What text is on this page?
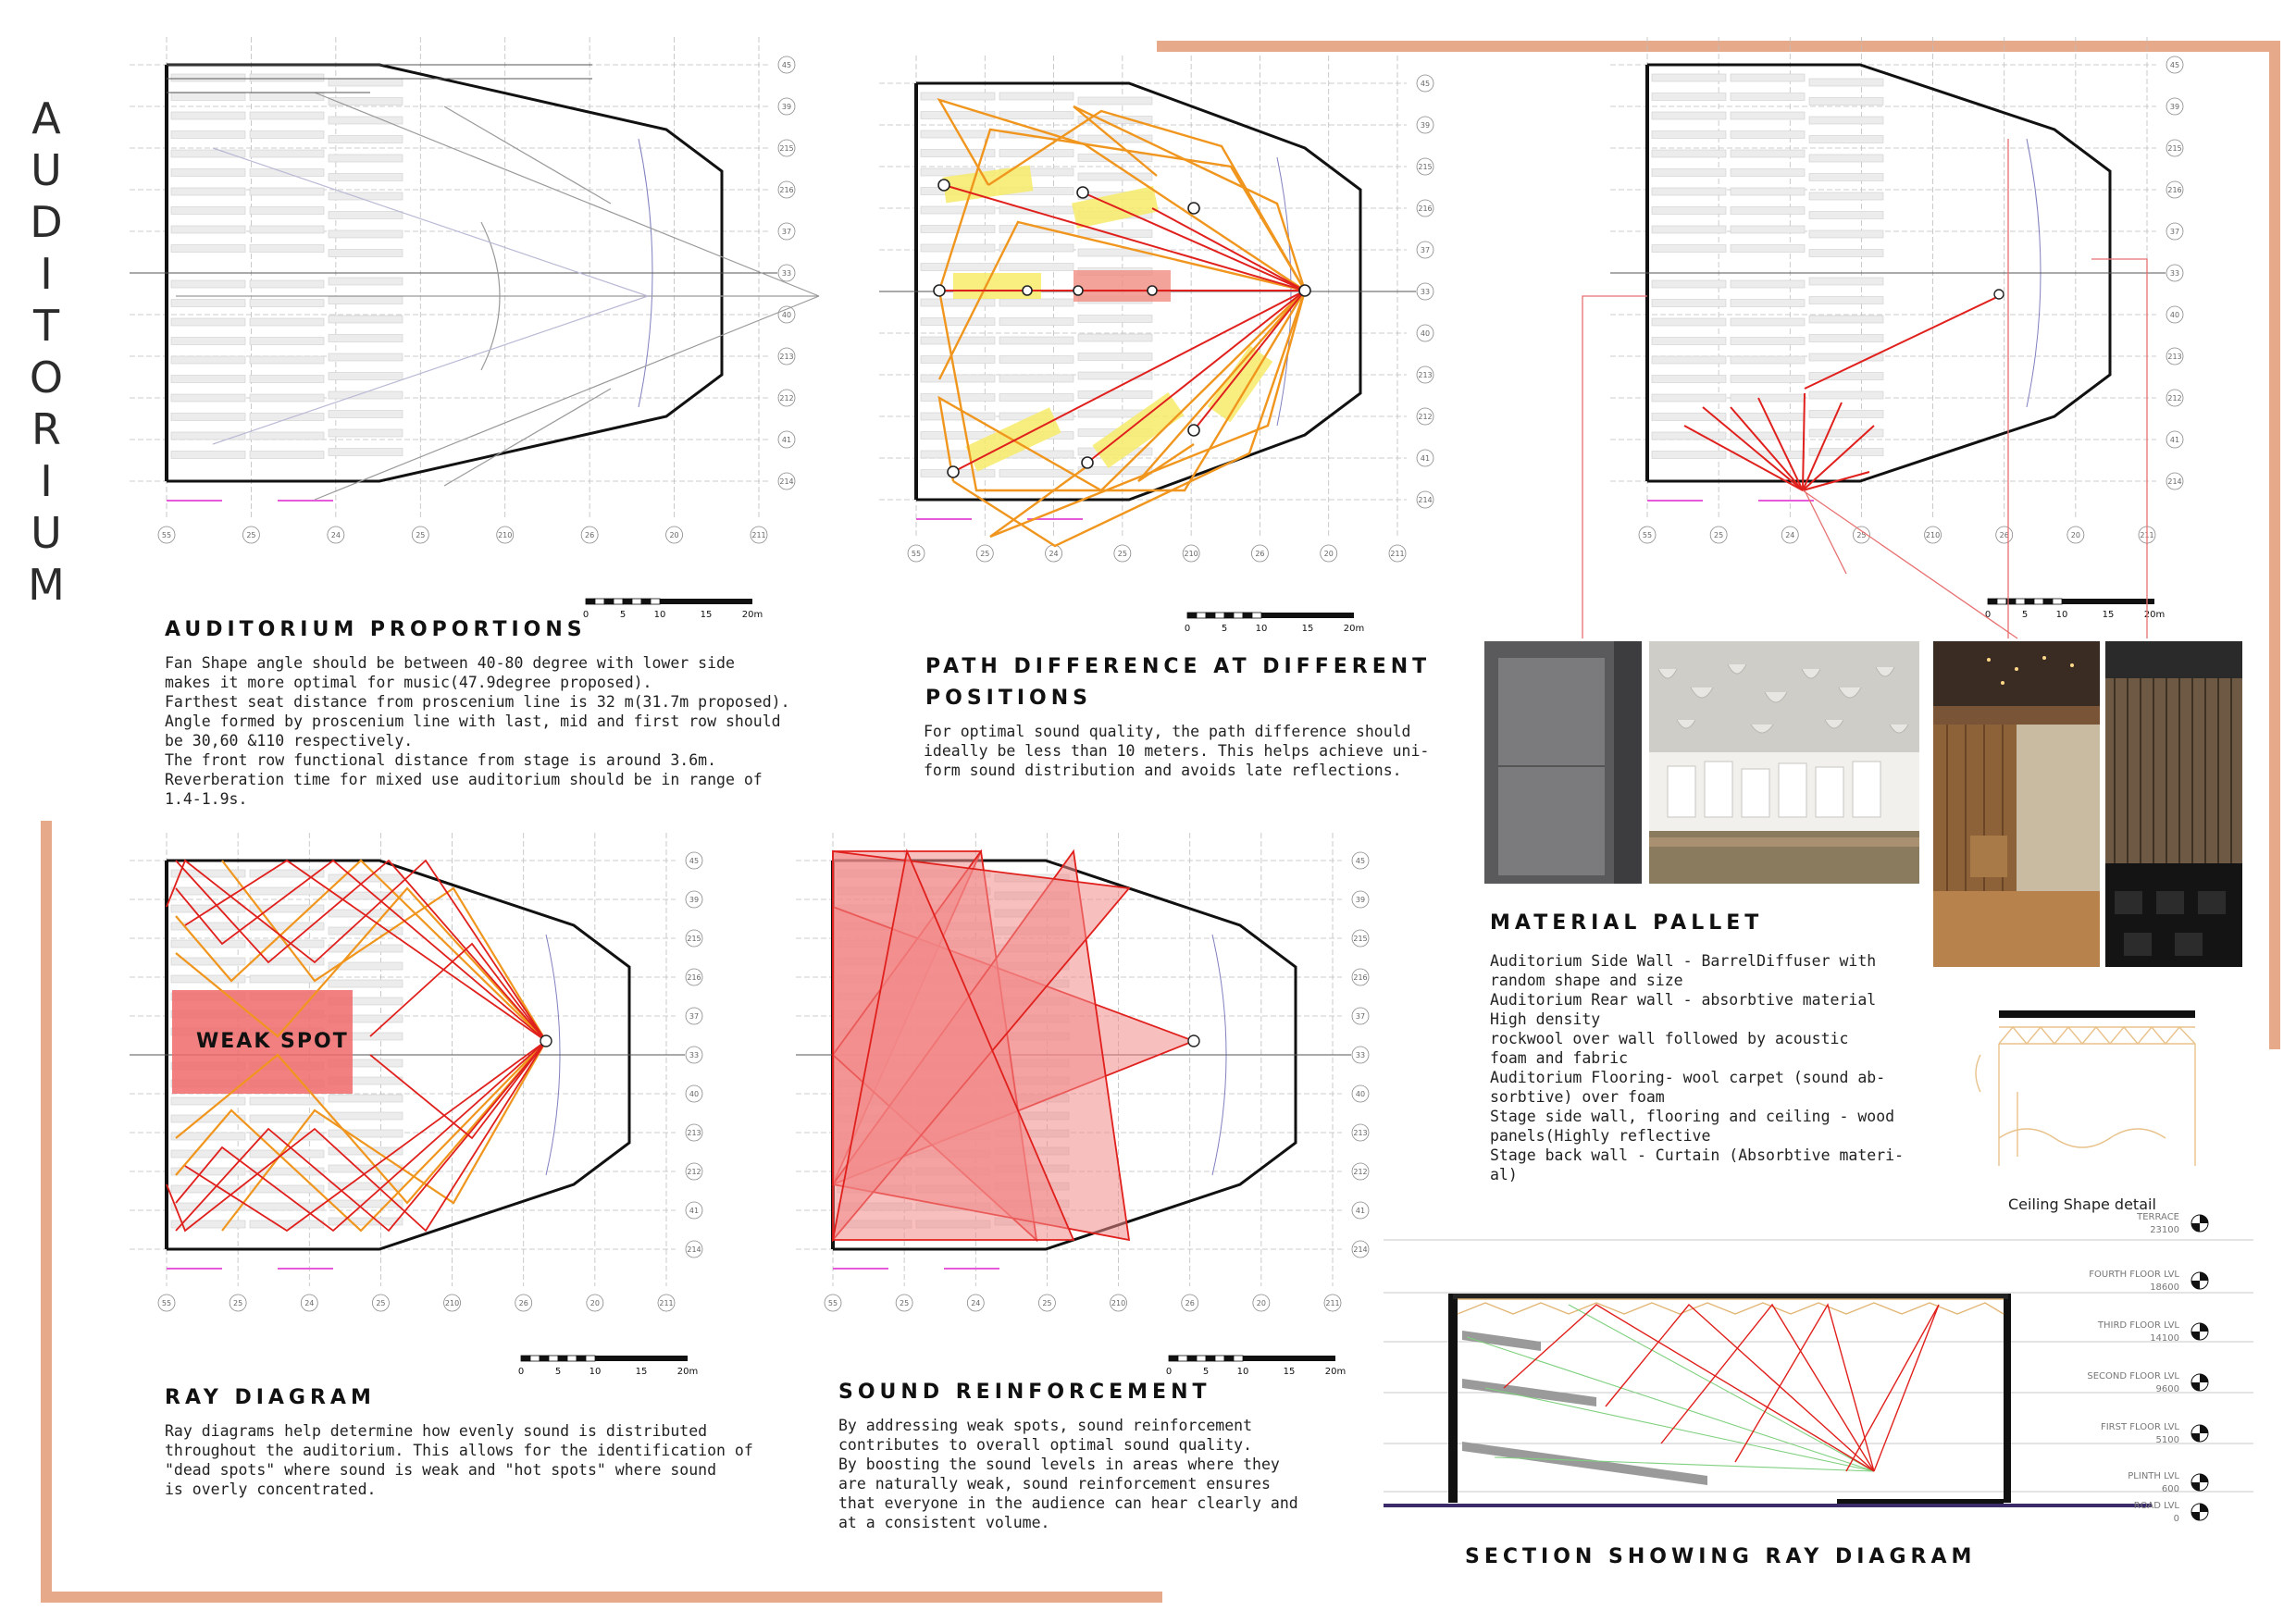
A
U
D
I
T
O
R
I
U
M
45
39
215
216
37
33
40
213
212
41
214
55	25	24	25	210	26	20	211
0	5	10	15	20m
0	5	10	15	20m
0	5	10	15	20m
0	5	10	15	20m	0	5	10	15	20m
AUDITORIUM PROPORTIONS
Fan Shape angle should be between 40-80 degree with lower side
makes it more optimal for music(47.9degree proposed).
Farthest seat distance from proscenium line is 32 m(31.7m proposed).
Angle formed by proscenium line with last, mid and first row should
be 30,60 &110 respectively.
The front row functional distance from stage is around 3.6m.
Reverberation time for mixed use auditorium should be in range of
1.4-1.9s.
45
39
215
216
37
33
40
213
212
41
214
55	25	24	25	210	26	20	211
PATH DIFFERENCE AT DIFFERENT
POSITIONS
For optimal sound quality, the path difference should
ideally be less than 10 meters. This helps achieve uni-
form sound distribution and avoids late reflections.
45
39
215
216
37
33
40
213
212
41
214
55	25	24	25	210	26	20	211
MATERIAL PALLET
Auditorium Side Wall - BarrelDiffuser with
random shape and size
Auditorium Rear wall - absorbtive material
High density
rockwool over wall followed by acoustic
foam and fabric
Auditorium Flooring- wool carpet (sound ab-
sorbtive) over foam
Stage side wall, flooring and ceiling - wood
panels(Highly reflective
Stage back wall - Curtain (Absorbtive materi-
al)
Ceiling Shape detail
45
39
215
216
37
33
40
213
212
41
214
55	25	24	25	210	26	20	211
WEAK SPOT
RAY DIAGRAM
Ray diagrams help determine how evenly sound is distributed
throughout the auditorium. This allows for the identification of
"dead spots" where sound is weak and "hot spots" where sound
is overly concentrated.
45
39
215
216
37
33
40
213
212
41
214
55	25	24	25	210	26	20	211
SOUND REINFORCEMENT
By addressing weak spots, sound reinforcement
contributes to overall optimal sound quality.
By boosting the sound levels in areas where they
are naturally weak, sound reinforcement ensures
that everyone in the audience can hear clearly and
at a consistent volume.
TERRACE
23100
FOURTH FLOOR LVL
18600
THIRD FLOOR LVL
14100
SECOND FLOOR LVL
9600
FIRST FLOOR LVL
5100
PLINTH LVL
600
ROAD LVL
0
SECTION SHOWING RAY DIAGRAM
